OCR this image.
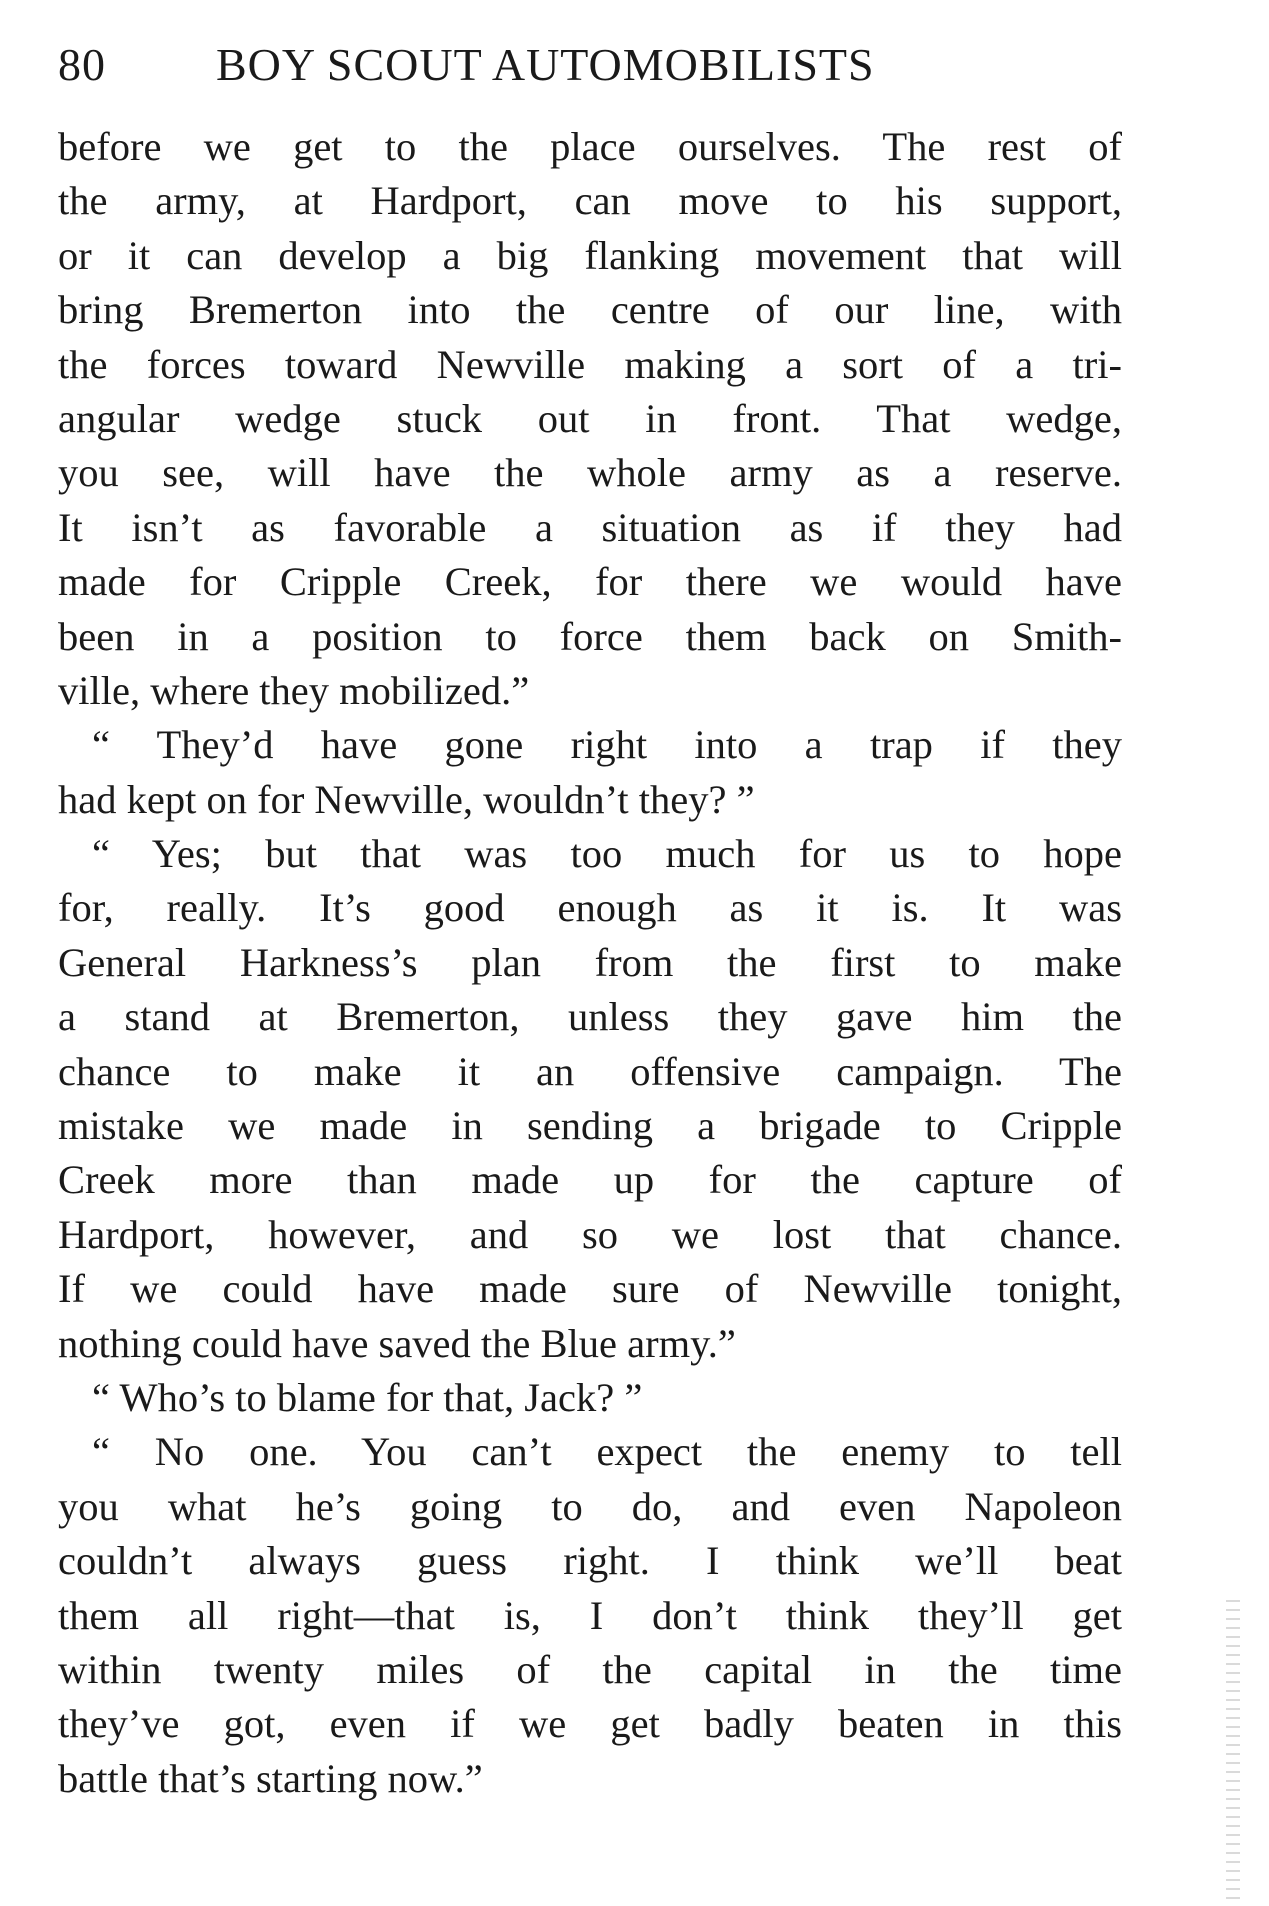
80 BOY SCOUT AUTOMOBILISTS
before we get to the place ourselves. The rest of
the army, at Hardport, can move to his support,
or it can develop a big flanking movement that will
bring Bremerton into the centre of our line, with
the forces toward Newville making a sort of a tri-
angular wedge stuck out in front. That wedge,
you see, will have the whole army as a reserve.
It isn’t as favorable a situation as if they had
made for Cripple Creek, for there we would have
been in a position to force them back on Smith-
ville, where they mobilized.”
“ They’d have gone right into a trap if they
had kept on for Newville, wouldn’t they? ”
“ Yes; but that was too much for us to hope
for, really. It’s good enough as it is. It was
General Harkness’s plan from the first to make
a stand at Bremerton, unless they gave him the
chance to make it an offensive campaign. The
mistake we made in sending a brigade to Cripple
Creek more than made up for the capture of
Hardport, however, and so we lost that chance.
If we could have made sure of Newville tonight,
nothing could have saved the Blue army.”
“ Who’s to blame for that, Jack? ”
“ No one. You can’t expect the enemy to tell
you what he’s going to do, and even Napoleon
couldn’t always guess right. I think we’ll beat
them all right—that is, I don’t think they’ll get
within twenty miles of the capital in the time
they’ve got, even if we get badly beaten in this
battle that’s starting now.”
